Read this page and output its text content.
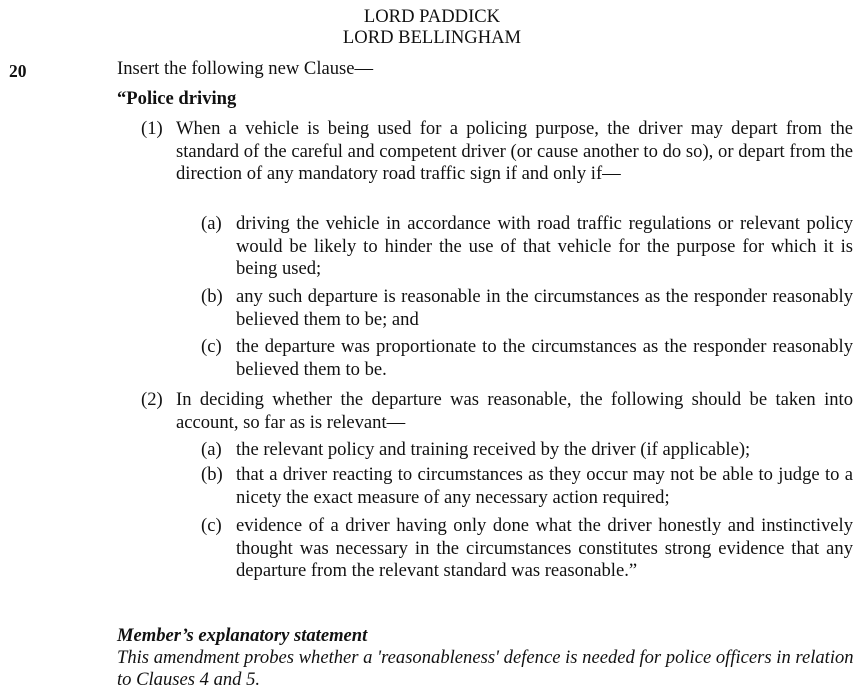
LORD PADDICK
LORD BELLINGHAM
20	Insert the following new Clause—
“Police driving
(1) When a vehicle is being used for a policing purpose, the driver may depart from the standard of the careful and competent driver (or cause another to do so), or depart from the direction of any mandatory road traffic sign if and only if—
(a) driving the vehicle in accordance with road traffic regulations or relevant policy would be likely to hinder the use of that vehicle for the purpose for which it is being used;
(b) any such departure is reasonable in the circumstances as the responder reasonably believed them to be; and
(c) the departure was proportionate to the circumstances as the responder reasonably believed them to be.
(2) In deciding whether the departure was reasonable, the following should be taken into account, so far as is relevant—
(a) the relevant policy and training received by the driver (if applicable);
(b) that a driver reacting to circumstances as they occur may not be able to judge to a nicety the exact measure of any necessary action required;
(c) evidence of a driver having only done what the driver honestly and instinctively thought was necessary in the circumstances constitutes strong evidence that any departure from the relevant standard was reasonable.”
Member’s explanatory statement
This amendment probes whether a 'reasonableness' defence is needed for police officers in relation to Clauses 4 and 5.
